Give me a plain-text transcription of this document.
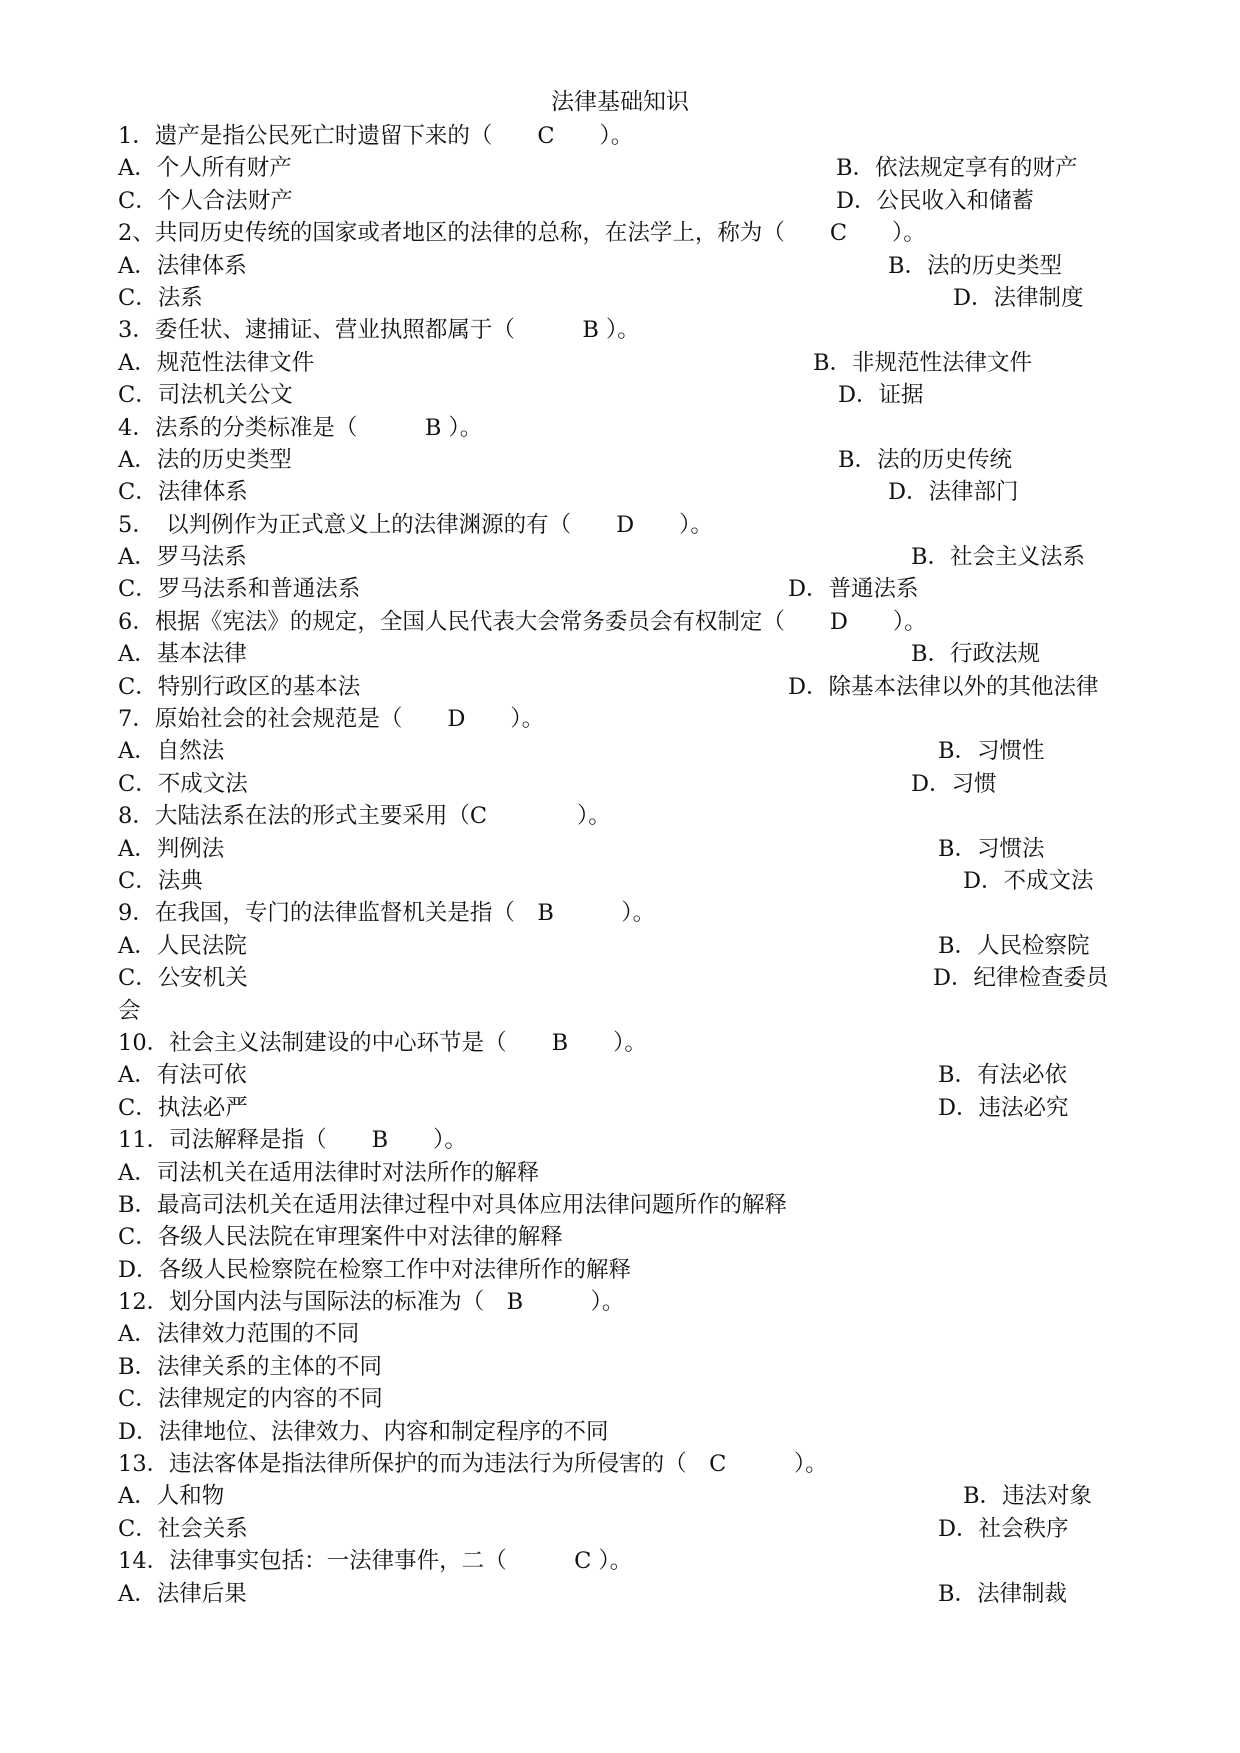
法律基础知识
1．遗产是指公民死亡时遗留下来的（　　C　　）。
A．个人所有财产	B．依法规定享有的财产
C．个人合法财产	D．公民收入和储蓄
2、共同历史传统的国家或者地区的法律的总称，在法学上，称为（　　C　　）。
A．法律体系	B．法的历史类型
C．法系	D．法律制度
3．委任状、逮捕证、营业执照都属于（　　　B ）。
A．规范性法律文件	B．非规范性法律文件
C．司法机关公文	D．证据
4．法系的分类标准是（　　　B ）。
A．法的历史类型	B．法的历史传统
C．法律体系	D．法律部门
5．　以判例作为正式意义上的法律渊源的有（　　D　　）。
A．罗马法系	B．社会主义法系
C．罗马法系和普通法系	D．普通法系
6．根据《宪法》的规定，全国人民代表大会常务委员会有权制定（　　D　　）。
A．基本法律	B．行政法规
C．特别行政区的基本法	D．除基本法律以外的其他法律
7．原始社会的社会规范是（　　D　　）。
A．自然法	B．习惯性
C．不成文法	D．习惯
8．大陆法系在法的形式主要采用（C　　　　）。
A．判例法	B．习惯法
C．法典	D．不成文法
9．在我国，专门的法律监督机关是指（　B　　　）。
A．人民法院	B．人民检察院
C．公安机关	D．纪律检查委员
会
10．社会主义法制建设的中心环节是（　　B　　）。
A．有法可依	B．有法必依
C．执法必严	D．违法必究
11．司法解释是指（　　B　　）。
A．司法机关在适用法律时对法所作的解释
B．最高司法机关在适用法律过程中对具体应用法律问题所作的解释
C．各级人民法院在审理案件中对法律的解释
D．各级人民检察院在检察工作中对法律所作的解释
12．划分国内法与国际法的标准为（　B　　　）。
A．法律效力范围的不同
B．法律关系的主体的不同
C．法律规定的内容的不同
D．法律地位、法律效力、内容和制定程序的不同
13．违法客体是指法律所保护的而为违法行为所侵害的（　C　　　）。
A．人和物	B．违法对象
C．社会关系	D．社会秩序
14．法律事实包括：一法律事件，二（　　　C ）。
A．法律后果	B．法律制裁
